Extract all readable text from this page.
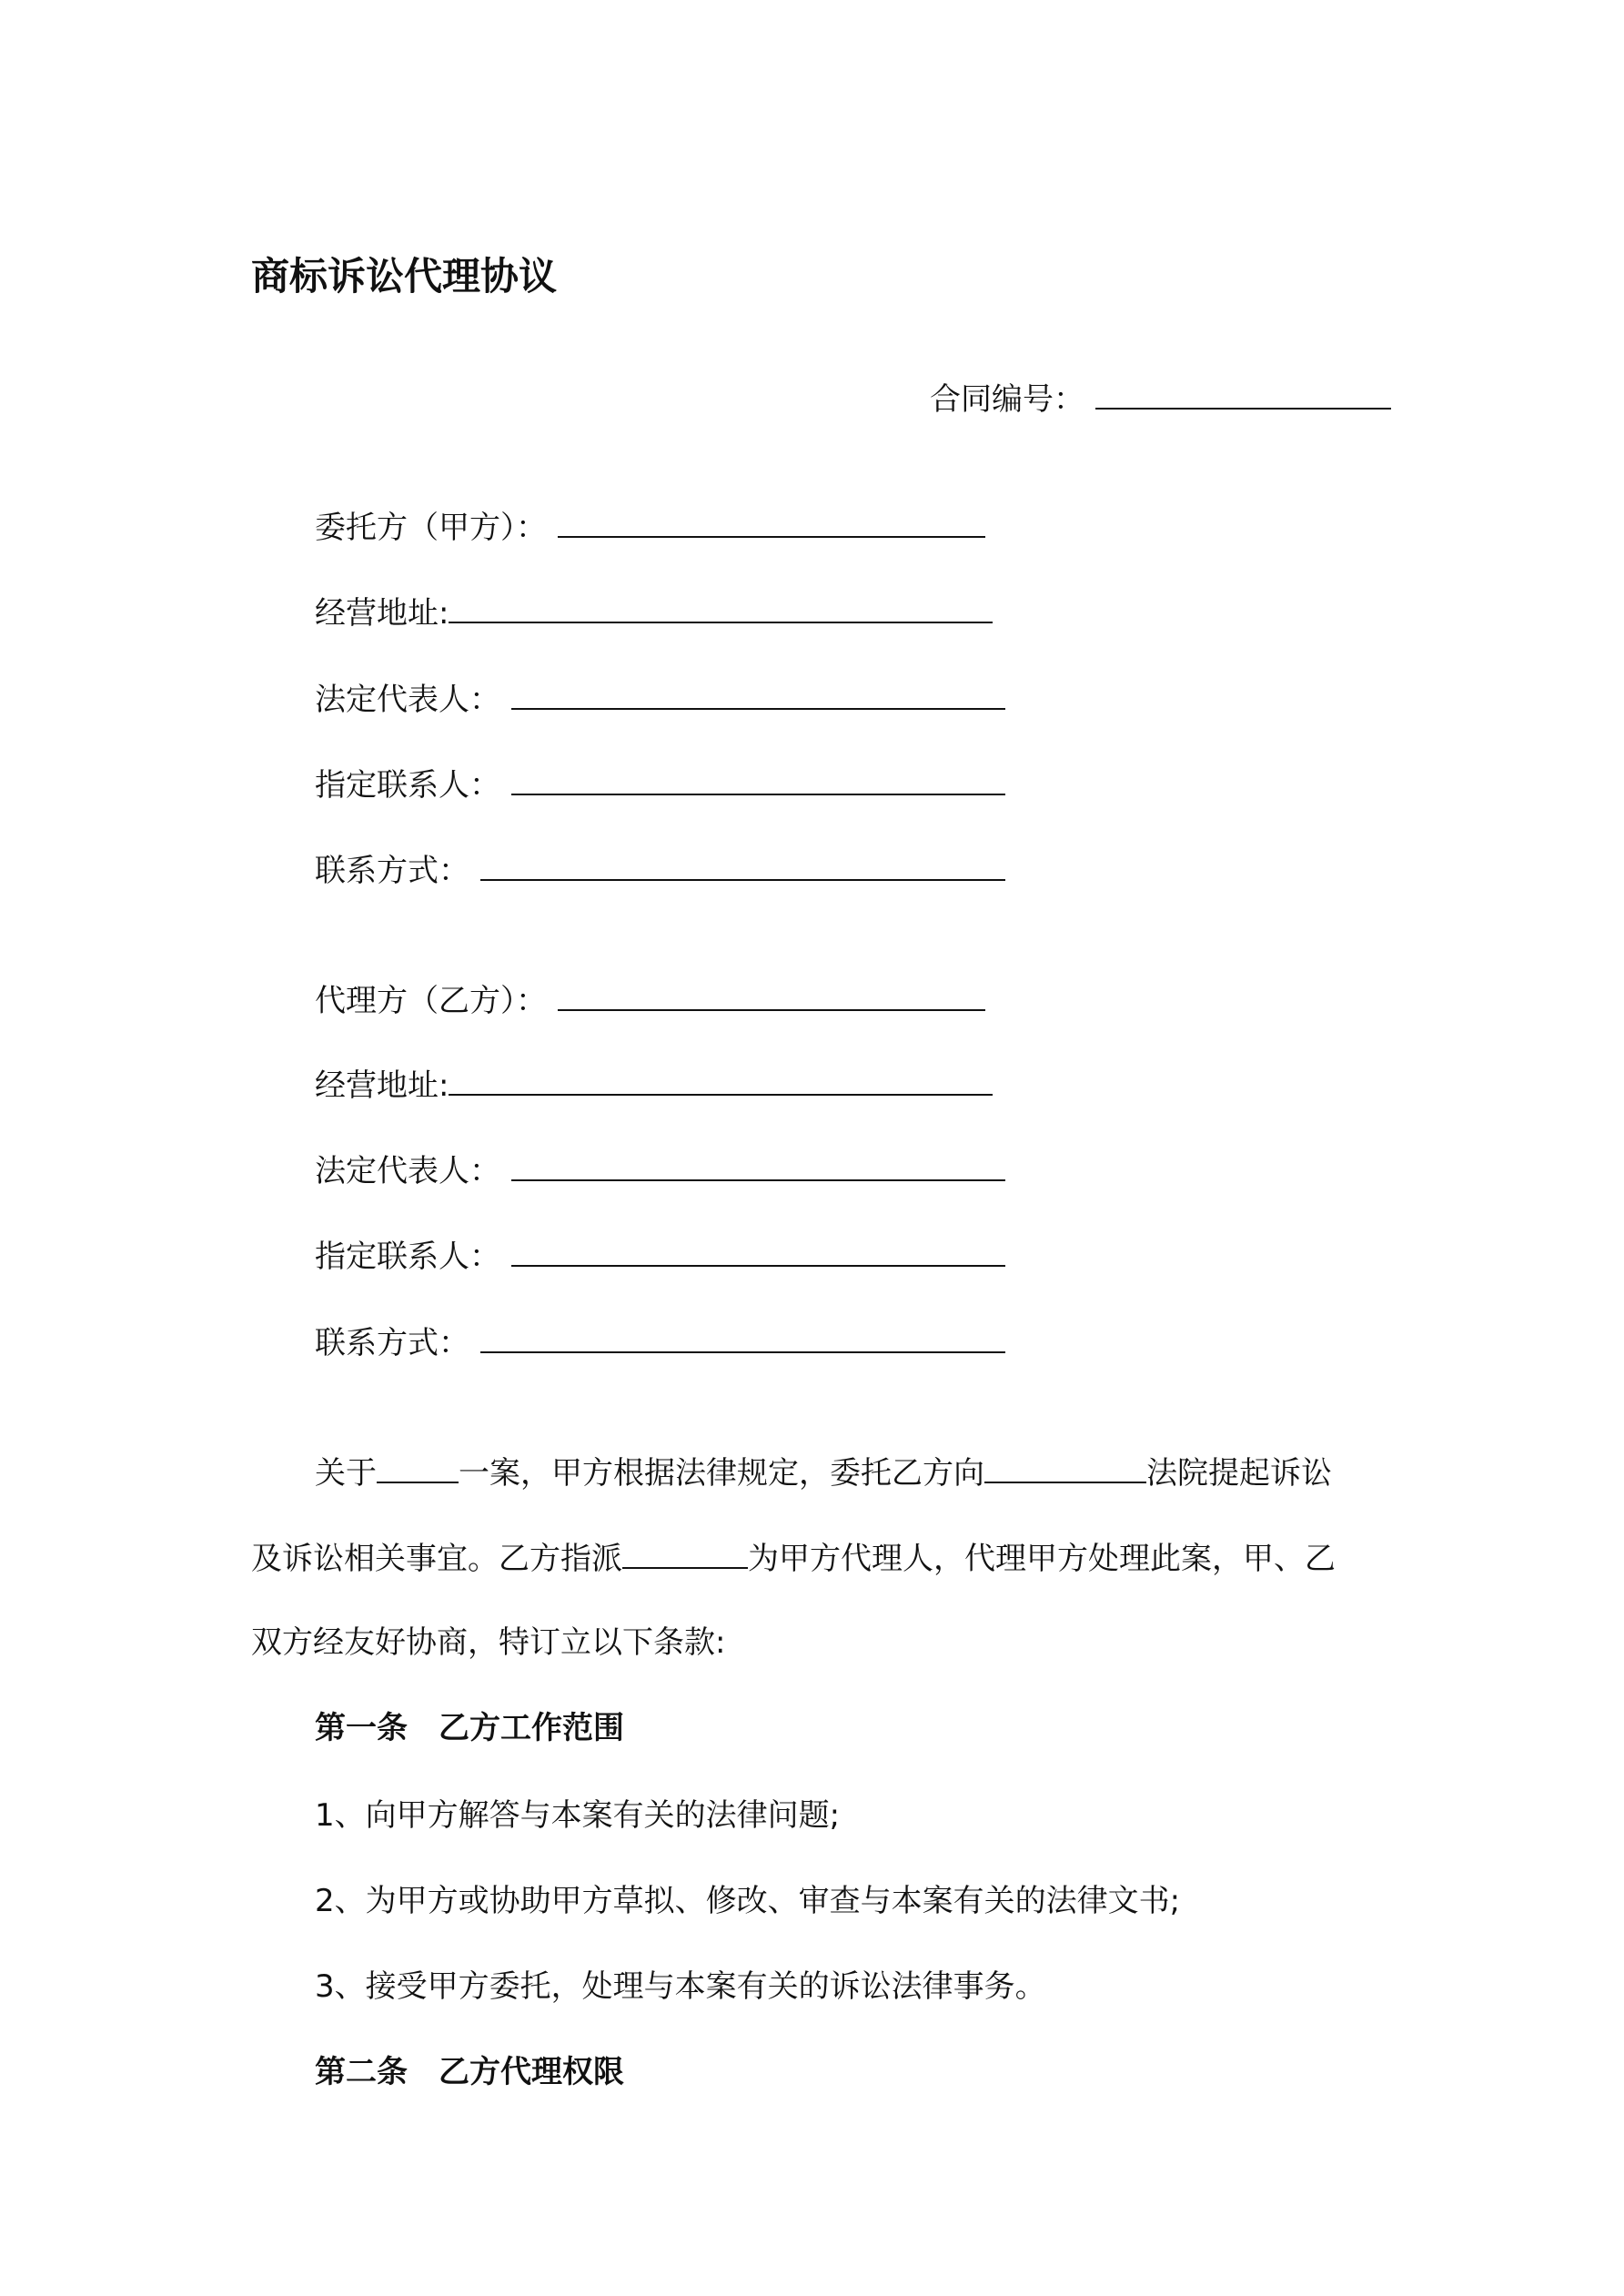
商标诉讼代理协议
合同编号：
委托方（甲方）：
经营地址:
法定代表人：
指定联系人：
联系方式：
代理方（乙方）：
经营地址:
法定代表人：
指定联系人：
联系方式：
关于	一案，甲方根据法律规定，委托乙方向	法院提起诉讼
及诉讼相关事宜。乙方指派	为甲方代理人，代理甲方处理此案，甲、乙
双方经友好协商，特订立以下条款:
第一条　乙方工作范围
1、向甲方解答与本案有关的法律问题;
2、为甲方或协助甲方草拟、修改、审查与本案有关的法律文书;
3、接受甲方委托，处理与本案有关的诉讼法律事务。
第二条　乙方代理权限
